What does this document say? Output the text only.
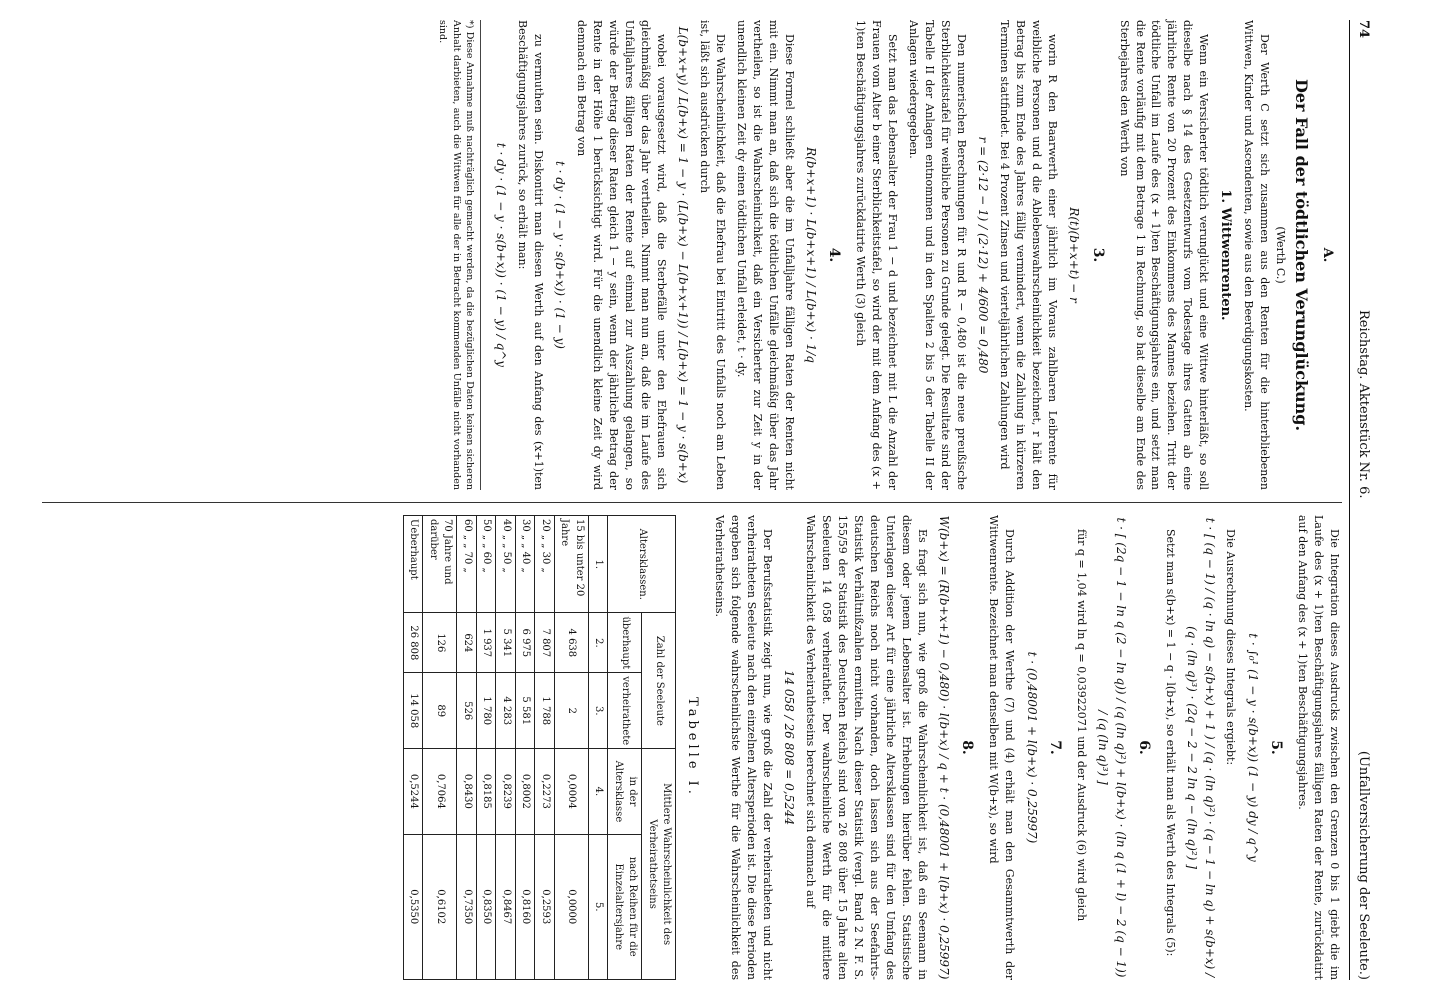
74
Reichstag. Aktenstück Nr. 6.
(Unfallversicherung der Seeleute.)
A.
Der Fall der tödtlichen Verunglückung.
(Werth C.)

Der Werth C setzt sich zusammen aus den Renten für die hinterbliebenen Wittwen, Kinder und Ascendenten, sowie aus den Beerdigungskosten.

1. Wittwenrenten.

Wenn ein Versicherter tödtlich verunglückt und eine Wittwe hinterläßt, so soll dieselbe nach § 14 des Gesetzentwurfs vom Todestage ihres Gatten ab eine jährliche Rente von 20 Prozent des Einkommens des Mannes beziehen. Tritt der tödtliche Unfall im Laufe des (x + 1)ten Beschäftigungsjahres ein, und setzt man die Rente vorläufig mit dem Betrage 1 in Rechnung, so hat dieselbe am Ende des Sterbejahres den Werth von

3.
R(t)(b+x+t) − r

worin R den Baarwerth einer jährlich im Voraus zahlbaren Leibrente für weibliche Personen und d die Ablebenswahrscheinlichkeit bezeichnet, r hält den Betrag bis zum Ende des Jahres fällig vermindert, wenn die Zahlung in kürzeren Terminen stattfindet. Bei 4 Prozent Zinsen und vierteljährlichen Zahlungen wird

r = (2·12 − 1) / (2·12) + 4/600 = 0,480

Den numerischen Berechnungen für R und R − 0,480 ist die neue preußische Sterblichkeitstafel für weibliche Personen zu Grunde gelegt. Die Resultate sind der Tabelle II der Anlagen entnommen und in den Spalten 2 bis 5 der Tabelle II der Anlagen wiedergegeben.

Setzt man das Lebensalter der Frau 1 − d und bezeichnet mit L die Anzahl der Frauen vom Alter b einer Sterblichkeitstafel, so wird der mit dem Anfang des (x + 1)ten Beschäftigungsjahres zurückdatirte Werth (3) gleich

4.
R(b+x+1) · L(b+x+1) / L(b+x) · 1/q

Diese Formel schließt aber die im Unfalljahre fälligen Raten der Renten nicht mit ein. Nimmt man an, daß sich die tödtlichen Unfälle gleichmäßig über das Jahr vertheilen, so ist die Wahrscheinlichkeit, daß ein Versicherter zur Zeit y in der unendlich kleinen Zeit dy einen tödtlichen Unfall erleidet, t · dy.

Die Wahrscheinlichkeit, daß die Ehefrau bei Eintritt des Unfalls noch am Leben ist, läßt sich ausdrücken durch

L(b+x+y) / L(b+x) = 1 − y · (L(b+x) − L(b+x+1)) / L(b+x) = 1 − y · s(b+x)

wobei vorausgesetzt wird, daß die Sterbefälle unter den Ehefrauen sich gleichmäßig über das Jahr vertheilen. Nimmt man nun an, daß die im Laufe des Unfalljahres fälligen Raten der Rente auf einmal zur Auszahlung gelangen, so würde der Betrag dieser Raten gleich 1 − y sein, wenn der jährliche Betrag der Rente in der Höhe 1 berücksichtigt wird. Für die unendlich kleine Zeit dy wird demnach ein Betrag von

t · dy · (1 − y · s(b+x)) · (1 − y)

zu vermuthen sein. Diskontirt man diesen Werth auf den Anfang des (x+1)ten Beschäftigungsjahres zurück, so erhält man:

t · dy · (1 − y · s(b+x)) · (1 − y) / q^y
*) Diese Annahme muß nachträglich gemacht werden, da die bezüglichen Daten keinen sicheren Anhalt darbieten, auch die Wittwen für alle der in Betracht kommenden Unfälle nicht vorhanden sind.

Die Integration dieses Ausdrucks zwischen den Grenzen 0 bis 1 giebt die im Laufe des (x + 1)ten Beschäftigungsjahres fälligen Raten der Rente, zurückdatirt auf den Anfang des (x + 1)ten Beschäftigungsjahres.

5.
t · ∫₀¹ (1 − y · s(b+x)) (1 − y) dy / q^y

Die Ausrechnung dieses Integrals ergiebt:

t · [ (q − 1) / (q · ln q) − s(b+x) + 1 ) / (q · (ln q)²) · (q − 1 − ln q) + s(b+x) / (q · (ln q)³) · (2q − 2 − 2 ln q − (ln q)²) ]

Setzt man s(b+x) = 1 − q · l(b+x), so erhält man als Werth des Integrals (5):

6.
t · [ (2q − 1 − ln q (2 − ln q)) / (q (ln q)²) + l(b+x) · (ln q (1 + l) − 2 (q − 1)) / (q (ln q)³) ]

für q = 1,04 wird ln q = 0,03922071 und der Ausdruck (6) wird gleich

7.
t · (0,48001 + l(b+x) · 0,25997)

Durch Addition der Werthe (7) und (4) erhält man den Gesammtwerth der Wittwenrente. Bezeichnet man denselben mit W(b+x), so wird

8.
W(b+x) = (R(b+x+1) − 0,480) · l(b+x) / q + t · (0,48001 + l(b+x) · 0,25997)

Es fragt sich nun, wie groß die Wahrscheinlichkeit ist, daß ein Seemann in diesem oder jenem Lebensalter ist. Erhebungen hierüber fehlen. Statistische Unterlagen dieser Art für eine jährliche Altersklassen sind für den Umfang des deutschen Reichs noch nicht vorhanden, doch lassen sich aus der Seefahrts-Statistik Verhältnißzahlen ermitteln. Nach dieser Statistik (vergl. Band 2 N. F. S. 155/59 der Statistik des Deutschen Reichs) sind von 26 808 über 15 Jahre alten Seeleuten 14 058 verheirathet. Der wahrscheinliche Werth für die mittlere Wahrscheinlichkeit des Verheirathetseins berechnet sich demnach auf

14 058 / 26 808 = 0,5244

Der Berufsstatistik zeigt nun, wie groß die Zahl der verheiratheten und nicht verheiratheten Seeleute nach den einzelnen Altersperioden ist. Die diese Perioden ergeben sich folgende wahrscheinlichste Werthe für die Wahrscheinlichkeit des Verheirathetseins.

Tabelle I.
Altersklassen.	Zahl der Seeleute		Mittlere Wahrscheinlichkeit des Verheirathetseins	
	überhaupt	verheirathete	in der Altersklasse	nach Reihen für die Einzelaltersjahre
1.	2.	3.	4.	5.
15 bis unter 20 Jahre	4 638	2	0,0004	0,0000
20 „ „ 30 „	7 807	1 788	0,2273	0,2593
30 „ „ 40 „	6 975	5 581	0,8002	0,8160
40 „ „ 50 „	5 341	4 283	0,8239	0,8467
50 „ „ 60 „	1 937	1 780	0,8185	0,8350
60 „ „ 70 „	624	526	0,8430	0,7350
70 Jahre und darüber	126	89	0,7064	0,6102
Ueberhaupt	26 808	14 058	0,5244	0,5350
